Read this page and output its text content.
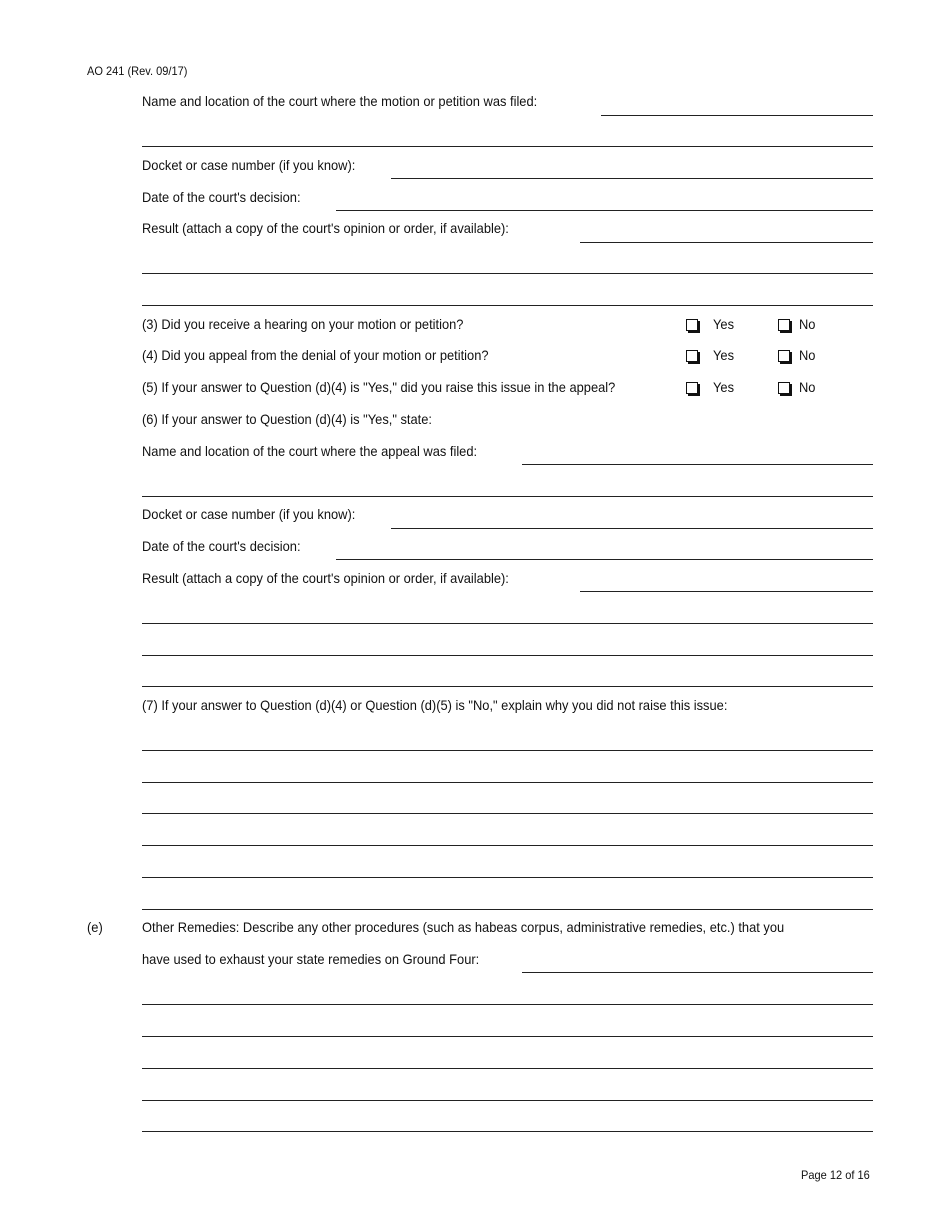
AO 241 (Rev. 09/17)
Name and location of the court where the motion or petition was filed:
Docket or case number (if you know):
Date of the court's decision:
Result (attach a copy of the court's opinion or order, if available):
(3) Did you receive a hearing on your motion or petition?	Yes	No
(4) Did you appeal from the denial of your motion or petition?	Yes	No
(5) If your answer to Question (d)(4) is "Yes," did you raise this issue in the appeal?	Yes	No
(6) If your answer to Question (d)(4) is "Yes," state:
Name and location of the court where the appeal was filed:
Docket or case number (if you know):
Date of the court's decision:
Result (attach a copy of the court's opinion or order, if available):
(7) If your answer to Question (d)(4) or Question (d)(5) is "No," explain why you did not raise this issue:
(e)	Other Remedies: Describe any other procedures (such as habeas corpus, administrative remedies, etc.) that you
have used to exhaust your state remedies on Ground Four:
Page 12 of 16
